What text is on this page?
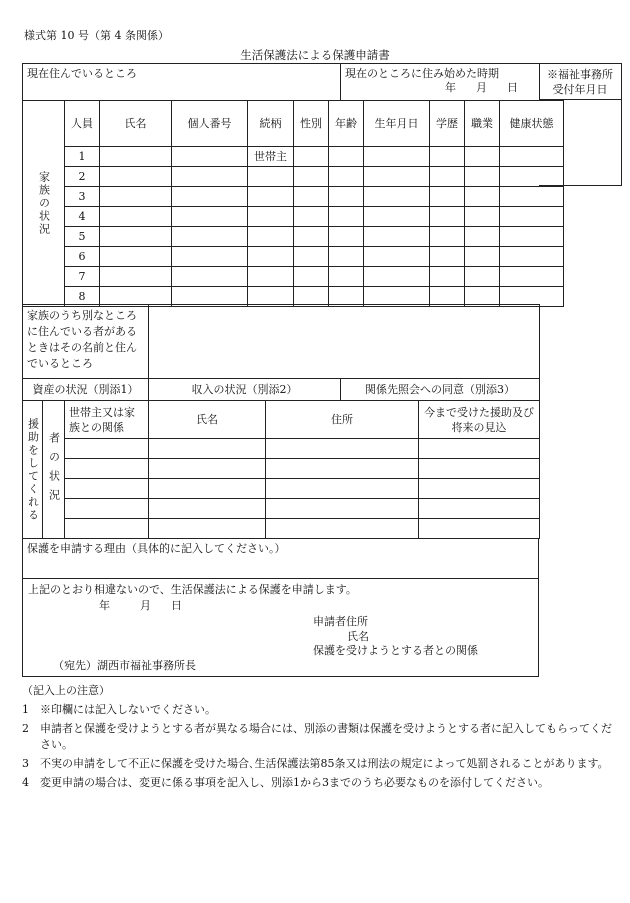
様式第 10 号（第 4 条関係）
生活保護法による保護申請書
現在住んでいるところ	現在のところに住み始めた時期
年 月 日
※福祉事務所
受付年月日
家族の状況	人員	氏名	個人番号	続柄	性別	年齢	生年月日	学歴	職業	健康状態
	1			世帯主						
	2									
	3									
	4									
	5									
	6									
	7									
	8									
家族のうち別なところに住んでいる者があるときはその名前と住んでいるところ	
資産の状況（別添1）	収入の状況（別添2）	関係先照会への同意（別添3）
援助をしてくれる	者の状況	世帯主又は家族との関係	氏名	住所	今まで受けた援助及び将来の見込

保護を申請する理由（具体的に記入してください。）
上記のとおり相違ないので、生活保護法による保護を申請します。
年	月 日
申請者住所
氏名
保護を受けようとする者との関係
（宛先）湖西市福祉事務所長
（記入上の注意）
1	※印欄には記入しないでください。
2	申請者と保護を受けようとする者が異なる場合には、別添の書類は保護を受けようとする者に記入してもらってください。
3	不実の申請をして不正に保護を受けた場合､生活保護法第85条又は刑法の規定によって処罰されることがあります。
4	変更申請の場合は、変更に係る事項を記入し、別添1から3までのうち必要なものを添付してください。
